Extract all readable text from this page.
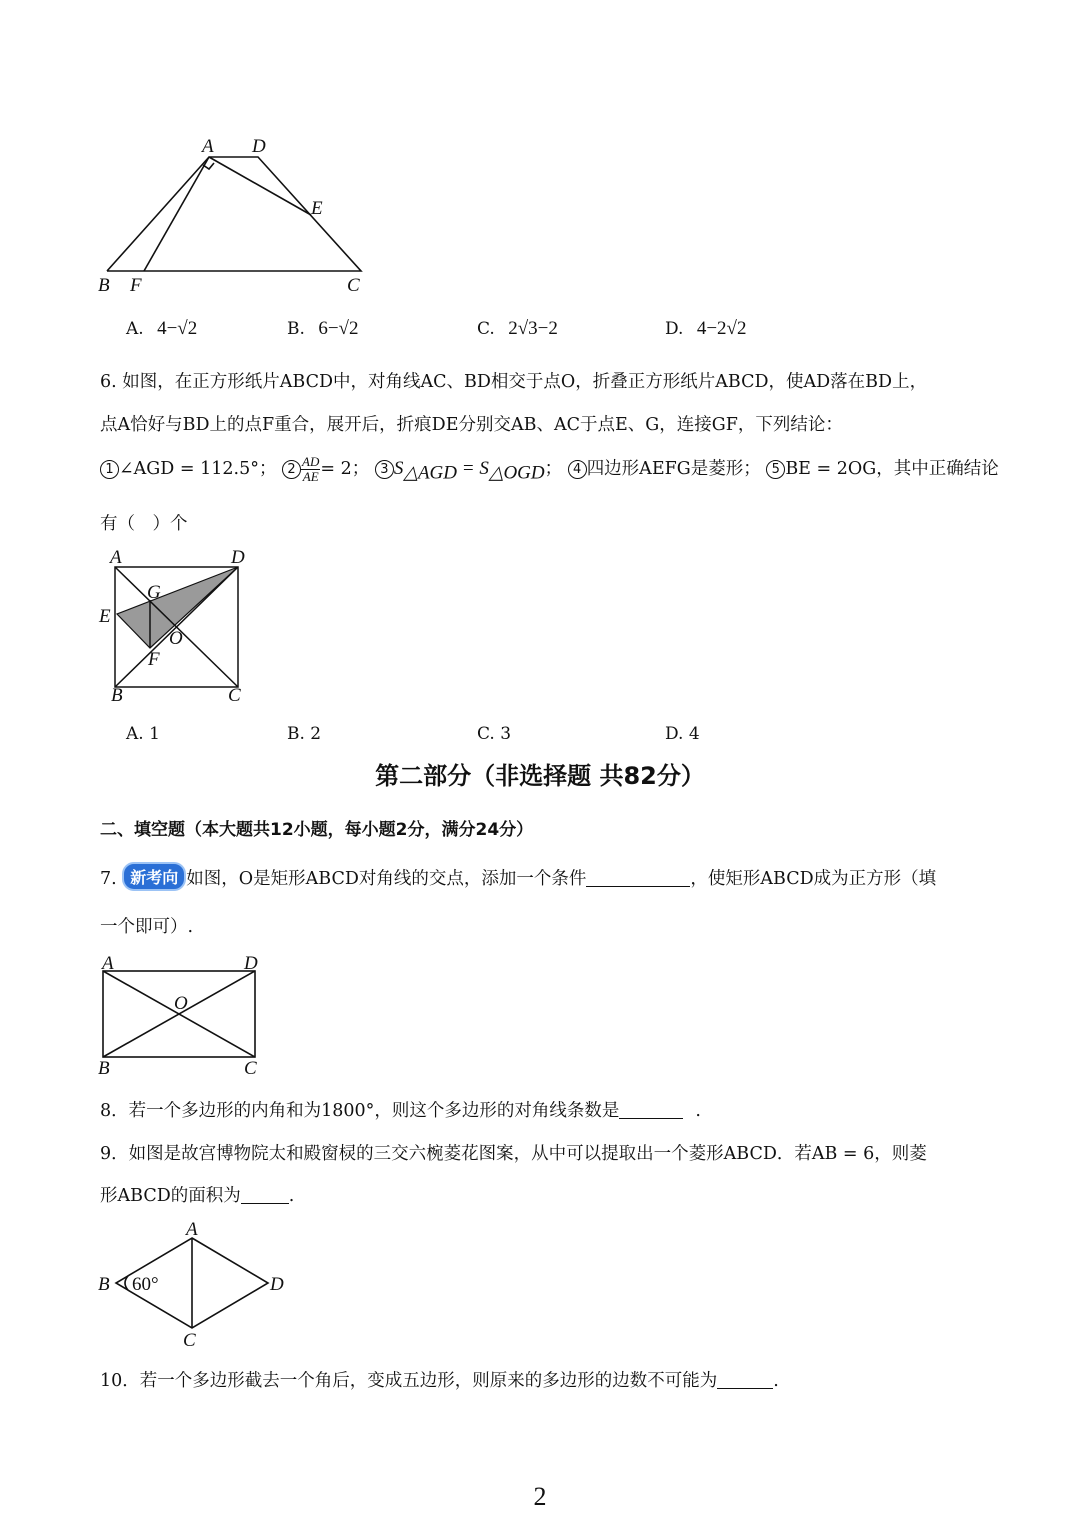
A D
E
B F	C
A. 4−√2	B. 6−√2	C. 2√3−2	D. 4−2√2
6. 如图，在正方形纸片ABCD中，对角线AC、BD相交于点O，折叠正方形纸片ABCD，使AD落在BD上，
点A恰好与BD上的点F重合，展开后，折痕DE分别交AB、AC于点E、G，连接GF，下列结论：
1 ∠AGD = 112.5°； $2 \frac{AD}{AE} = 2$； 3 $S_{\triangle AGD} = S_{\triangle OGD}$； 4 四边形AEFG是菱形； 5 BE = 2OG，其中正确结论
有（　）个
A	D
G
E
O
F
B	C
A. 1	B. 2	C. 3	D. 4
第二部分（非选择题 共82分）
二、填空题（本大题共12小题，每小题2分，满分24分）
7. 新考向 如图，O是矩形ABCD对角线的交点，添加一个条件	，使矩形ABCD成为正方形（填
一个即可）.
A	D
O
B	C
8．若一个多边形的内角和为1800°，则这个多边形的对角线条数是	.
9．如图是故宫博物院太和殿窗棂的三交六椀菱花图案，从中可以提取出一个菱形ABCD．若AB = 6，则菱
形ABCD的面积为	.
A
B 60°	D
C
10．若一个多边形截去一个角后，变成五边形，则原来的多边形的边数不可能为	.
2
